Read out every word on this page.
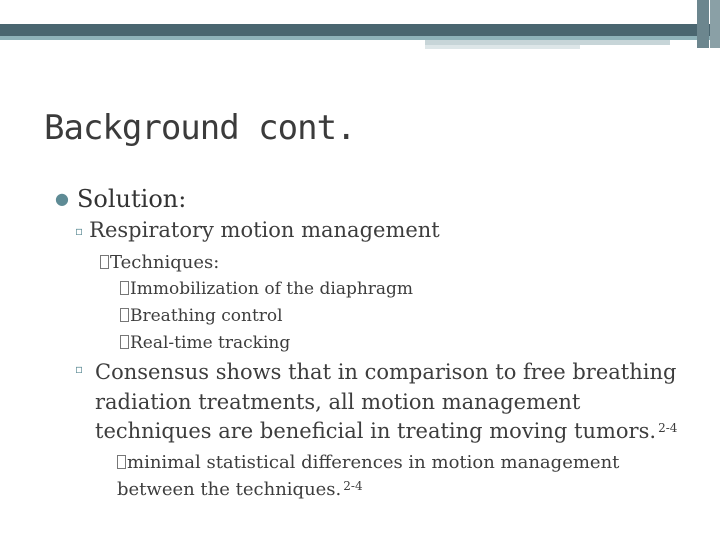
Background cont.
● Solution:
▫ Respiratory motion management
Techniques:
Immobilization of the diaphragm
Breathing control
Real-time tracking
▫ Consensus shows that in comparison to free breathing radiation treatments, all motion management techniques are beneficial in treating moving tumors. $^{2-4}$
minimal statistical differences in motion management between the techniques. $^{2-4}$
